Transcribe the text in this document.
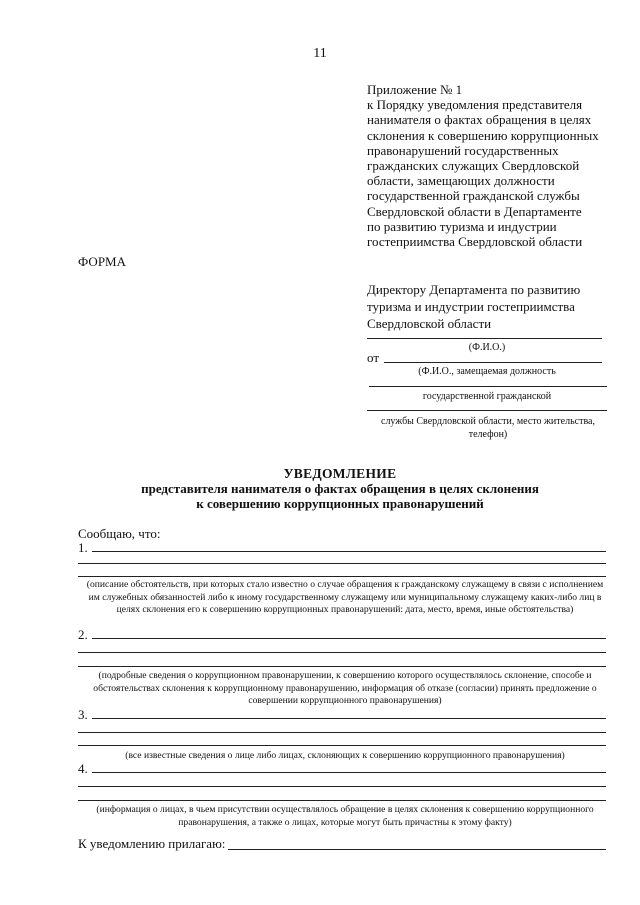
11
Приложение № 1
к Порядку уведомления представителя
нанимателя о фактах обращения в целях
склонения к совершению коррупционных
правонарушений государственных
гражданских служащих Свердловской
области, замещающих должности
государственной гражданской службы
Свердловской области в Департаменте
по развитию туризма и индустрии
гостеприимства Свердловской области
ФОРМА
Директору Департамента по развитию
туризма и индустрии гостеприимства
Свердловской области
(Ф.И.О.)
от
(Ф.И.О., замещаемая должность
государственной гражданской
службы Свердловской области, место жительства,
телефон)
УВЕДОМЛЕНИЕ
представителя нанимателя о фактах обращения в целях склонения
к совершению коррупционных правонарушений
Сообщаю, что:
1.
(описание обстоятельств, при которых стало известно о случае обращения к гражданскому служащему в связи с исполнением им служебных обязанностей либо к иному государственному служащему или муниципальному служащему каких-либо лиц в целях склонения его к совершению коррупционных правонарушений: дата, место, время, иные обстоятельства)
2.
(подробные сведения о коррупционном правонарушении, к совершению которого осуществлялось склонение, способе и обстоятельствах склонения к коррупционному правонарушению, информация об отказе (согласии) принять предложение о совершении коррупционного правонарушения)
3.
(все известные сведения о лице либо лицах, склоняющих к совершению коррупционного правонарушения)
4.
(информация о лицах, в чьем присутствии осуществлялось обращение в целях склонения к совершению коррупционного правонарушения, а также о лицах, которые могут быть причастны к этому факту)
К уведомлению прилагаю:
